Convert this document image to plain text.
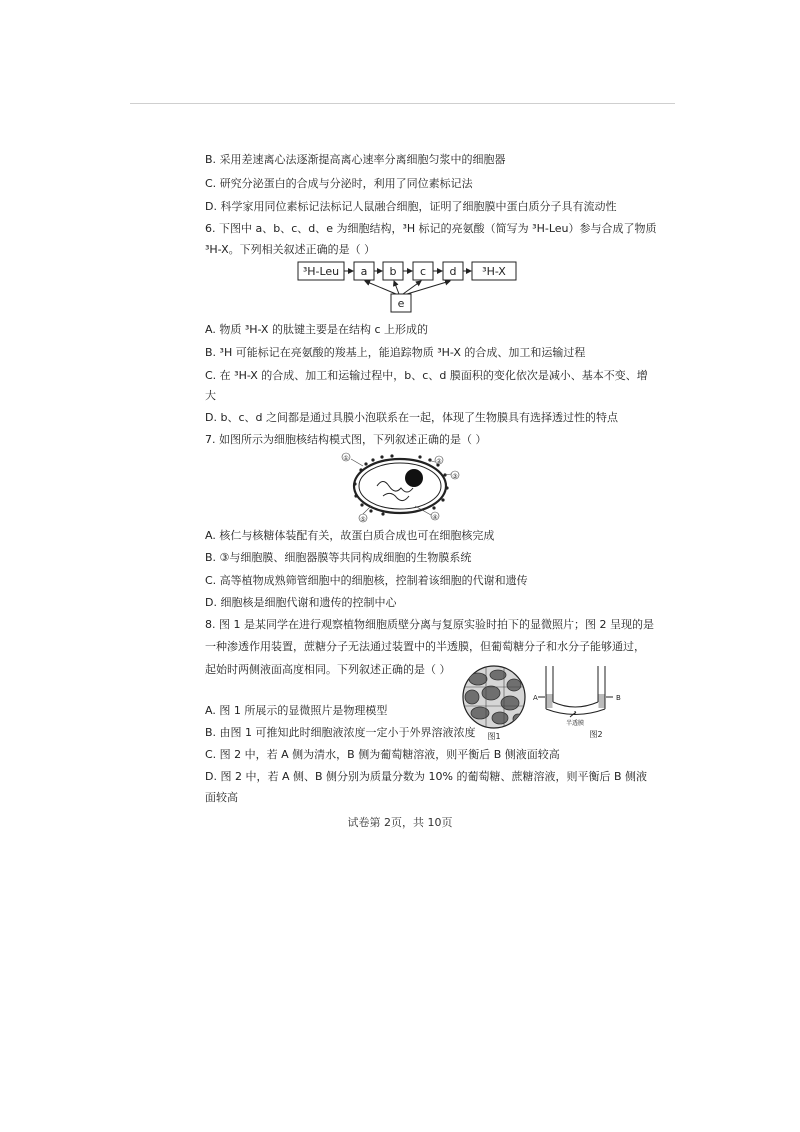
B. 采用差速离心法逐渐提高离心速率分离细胞匀浆中的细胞器
C. 研究分泌蛋白的合成与分泌时，利用了同位素标记法
D. 科学家用同位素标记法标记人鼠融合细胞，证明了细胞膜中蛋白质分子具有流动性
6. 下图中 a、b、c、d、e 为细胞结构，³H 标记的亮氨酸（简写为 ³H-Leu）参与合成了物质
³H-X。下列相关叙述正确的是（ ）
³H-Leu a b c d ³H-X
e
A. 物质 ³H-X 的肽键主要是在结构 c 上形成的
B. ³H 可能标记在亮氨酸的羧基上，能追踪物质 ³H-X 的合成、加工和运输过程
C. 在 ³H-X 的合成、加工和运输过程中，b、c、d 膜面积的变化依次是减小、基本不变、增
大
D. b、c、d 之间都是通过具膜小泡联系在一起，体现了生物膜具有选择透过性的特点
7. 如图所示为细胞核结构模式图，下列叙述正确的是（ ）
①	②
③
④
⑤
A. 核仁与核糖体装配有关，故蛋白质合成也可在细胞核完成
B. ③与细胞膜、细胞器膜等共同构成细胞的生物膜系统
C. 高等植物成熟筛管细胞中的细胞核，控制着该细胞的代谢和遗传
D. 细胞核是细胞代谢和遗传的控制中心
8. 图 1 是某同学在进行观察植物细胞质壁分离与复原实验时拍下的显微照片；图 2 呈现的是
一种渗透作用装置，蔗糖分子无法通过装置中的半透膜，但葡萄糖分子和水分子能够通过，
起始时两侧液面高度相同。下列叙述正确的是（ ）
图1
A	B
半透膜
图2
A. 图 1 所展示的显微照片是物理模型
B. 由图 1 可推知此时细胞液浓度一定小于外界溶液浓度
C. 图 2 中，若 A 侧为清水，B 侧为葡萄糖溶液，则平衡后 B 侧液面较高
D. 图 2 中，若 A 侧、B 侧分别为质量分数为 10% 的葡萄糖、蔗糖溶液，则平衡后 B 侧液
面较高
试卷第 2页，共 10页
